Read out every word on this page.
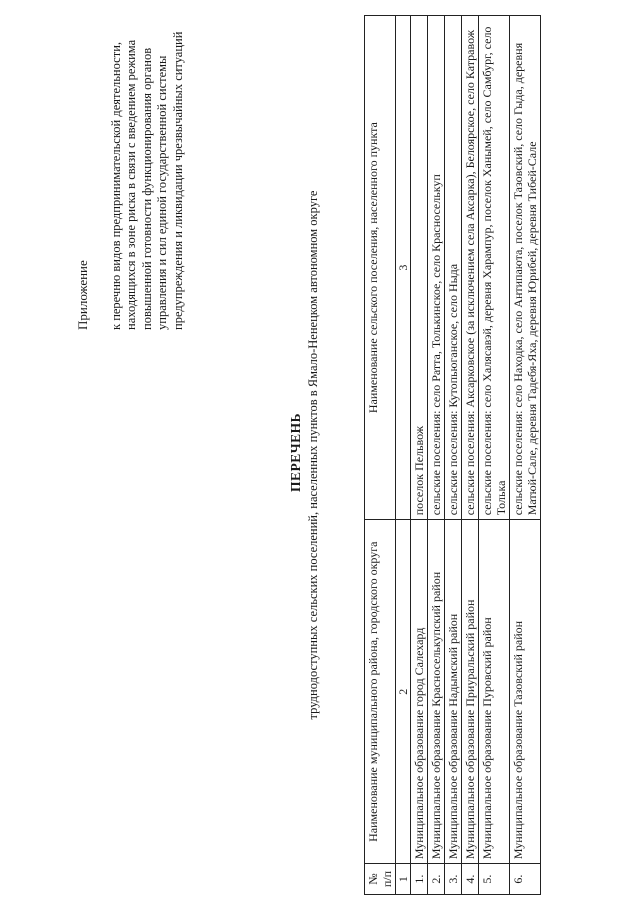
Приложение к перечню видов предпринимательской деятельности, находящихся в зоне риска в связи с введением режима повышенной готовности функционирования органов управления и сил единой государственной системы предупреждения и ликвидации чрезвычайных ситуаций
ПЕРЕЧЕНЬ труднодоступных сельских поселений, населенных пунктов в Ямало-Ненецком автономном округе
№ п/п	Наименование муниципального района, городского округа	Наименование сельского поселения, населенного пункта
1	2	3
1.	Муниципальное образование город Салехард	поселок Пельвож
2.	Муниципальное образование Красноселькупский район	сельские поселения: село Ратта, Толькинское, село Красноселькуп
3.	Муниципальное образование Надымский район	сельские поселения: Кутопьюганское, село Ныда
4.	Муниципальное образование Приуральский район	сельские поселения: Аксарковское (за исключением села Аксарка), Белоярское, село Катравож
5.	Муниципальное образование Пуровский район	сельские поселения: село Халясавэй, деревня Харампур, поселок Ханымей, село Самбург, село Толька
6.	Муниципальное образование Тазовский район	сельские поселения: село Находка, село Антипаюта, поселок Тазовский, село Гыда, деревня Матюй-Сале, деревня Тадебя-Яха, деревня Юрибей, деревня Тибей-Сале
